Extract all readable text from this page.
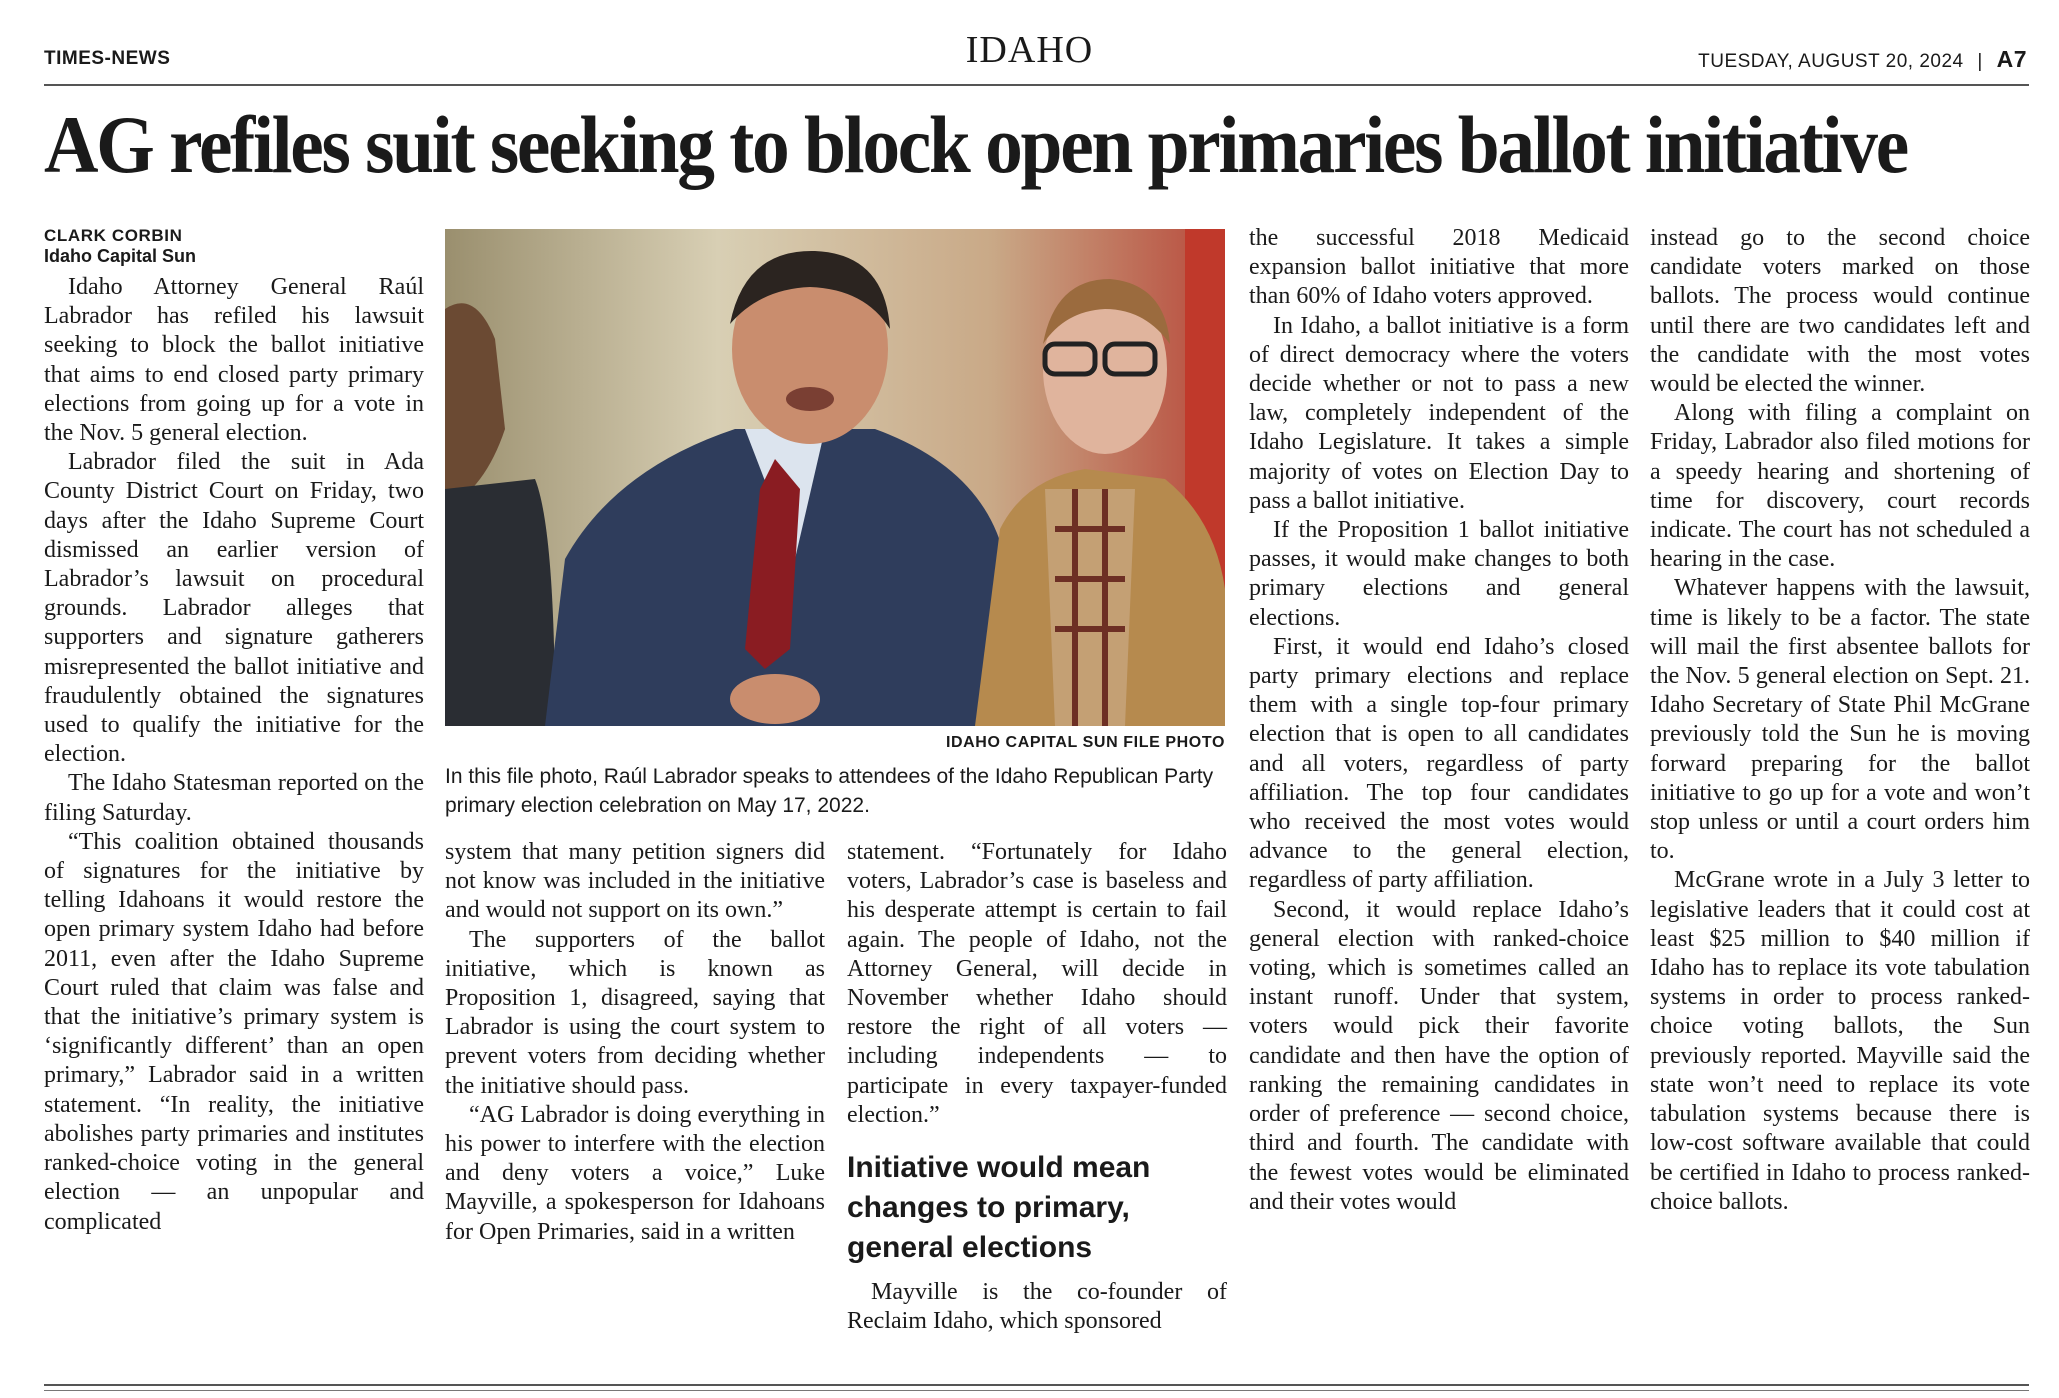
TIMES-NEWS	IDAHO	TUESDAY, AUGUST 20, 2024 | A7
AG refiles suit seeking to block open primaries ballot initiative
CLARK CORBIN
Idaho Capital Sun

Idaho Attorney General Raúl Labrador has refiled his lawsuit seeking to block the ballot initiative that aims to end closed party primary elections from going up for a vote in the Nov. 5 general election.

Labrador filed the suit in Ada County District Court on Friday, two days after the Idaho Supreme Court dismissed an earlier version of Labrador’s lawsuit on procedural grounds. Labrador alleges that supporters and signature gatherers misrepresented the ballot initiative and fraudulently obtained the signatures used to qualify the initiative for the election.

The Idaho Statesman reported on the filing Saturday.

“This coalition obtained thousands of signatures for the initiative by telling Idahoans it would restore the open primary system Idaho had before 2011, even after the Idaho Supreme Court ruled that claim was false and that the initiative’s primary system is ‘significantly different’ than an open primary,” Labrador said in a written statement. “In reality, the initiative abolishes party primaries and institutes ranked-choice voting in the general election — an unpopular and complicated

IDAHO CAPITAL SUN FILE PHOTO
In this file photo, Raúl Labrador speaks to attendees of the Idaho Republican Party primary election celebration on May 17, 2022.

system that many petition signers did not know was included in the initiative and would not support on its own.”

The supporters of the ballot initiative, which is known as Proposition 1, disagreed, saying that Labrador is using the court system to prevent voters from deciding whether the initiative should pass.

“AG Labrador is doing everything in his power to interfere with the election and deny voters a voice,” Luke Mayville, a spokesperson for Idahoans for Open Primaries, said in a written

statement. “Fortunately for Idaho voters, Labrador’s case is baseless and his desperate attempt is certain to fail again. The people of Idaho, not the Attorney General, will decide in November whether Idaho should restore the right of all voters — including independents — to participate in every taxpayer-funded election.”

Initiative would mean changes to primary, general elections

Mayville is the co-founder of Reclaim Idaho, which sponsored

the successful 2018 Medicaid expansion ballot initiative that more than 60% of Idaho voters approved.

In Idaho, a ballot initiative is a form of direct democracy where the voters decide whether or not to pass a new law, completely independent of the Idaho Legislature. It takes a simple majority of votes on Election Day to pass a ballot initiative.

If the Proposition 1 ballot initiative passes, it would make changes to both primary elections and general elections.

First, it would end Idaho’s closed party primary elections and replace them with a single top-four primary election that is open to all candidates and all voters, regardless of party affiliation. The top four candidates who received the most votes would advance to the general election, regardless of party affiliation.

Second, it would replace Idaho’s general election with ranked-choice voting, which is sometimes called an instant runoff. Under that system, voters would pick their favorite candidate and then have the option of ranking the remaining candidates in order of preference — second choice, third and fourth. The candidate with the fewest votes would be eliminated and their votes would

instead go to the second choice candidate voters marked on those ballots. The process would continue until there are two candidates left and the candidate with the most votes would be elected the winner.

Along with filing a complaint on Friday, Labrador also filed motions for a speedy hearing and shortening of time for discovery, court records indicate. The court has not scheduled a hearing in the case.

Whatever happens with the lawsuit, time is likely to be a factor. The state will mail the first absentee ballots for the Nov. 5 general election on Sept. 21. Idaho Secretary of State Phil McGrane previously told the Sun he is moving forward preparing for the ballot initiative to go up for a vote and won’t stop unless or until a court orders him to.

McGrane wrote in a July 3 letter to legislative leaders that it could cost at least $25 million to $40 million if Idaho has to replace its vote tabulation systems in order to process ranked-choice voting ballots, the Sun previously reported. Mayville said the state won’t need to replace its vote tabulation systems because there is low-cost software available that could be certified in Idaho to process ranked-choice ballots.
